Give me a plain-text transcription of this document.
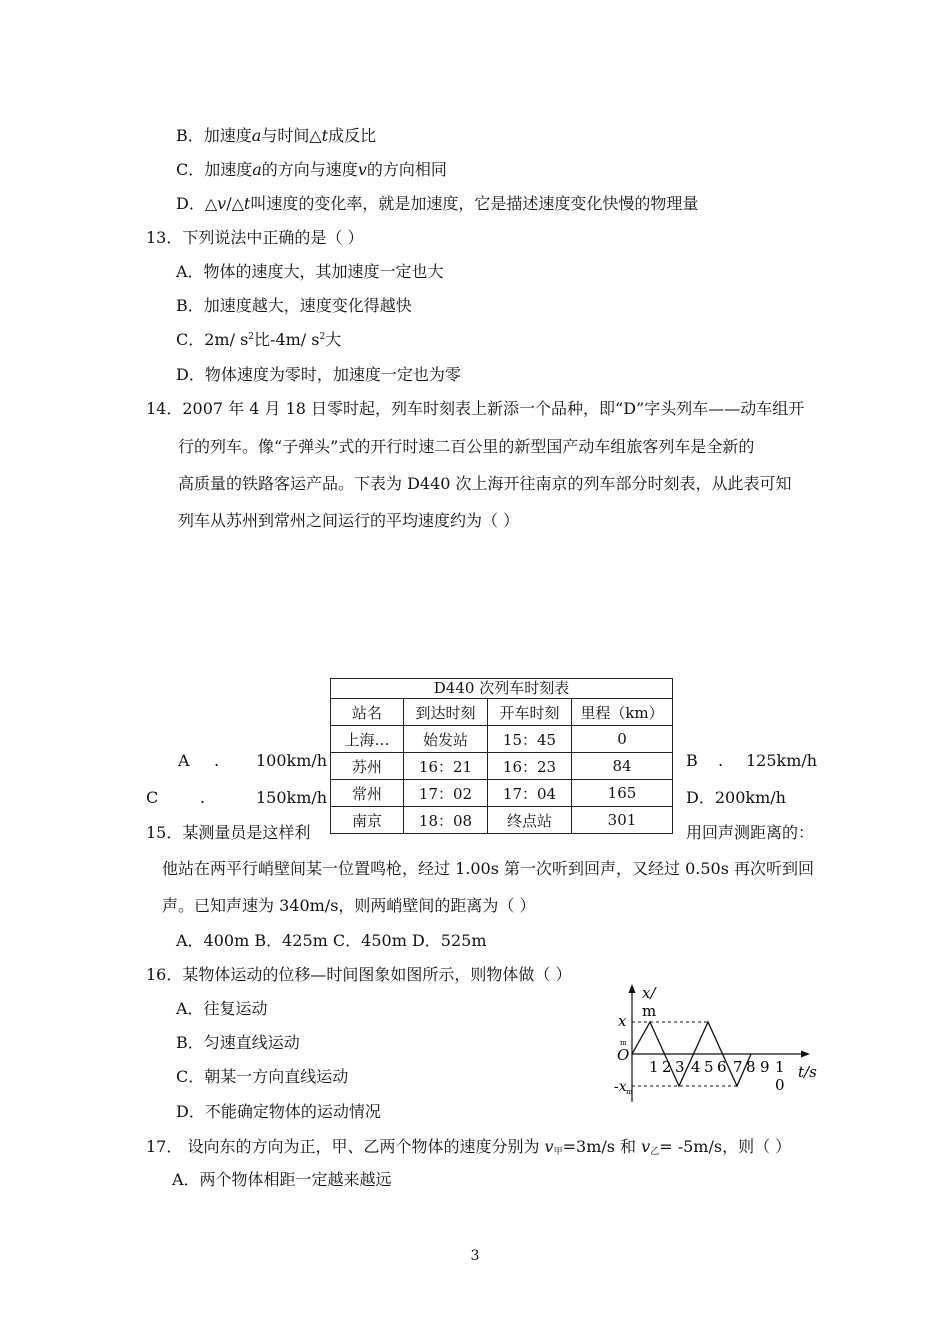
B．加速度a与时间△t成反比
C．加速度a的方向与速度v的方向相同
D．△v/△t叫速度的变化率，就是加速度，它是描述速度变化快慢的物理量
13．下列说法中正确的是（ ）
A．物体的速度大，其加速度一定也大
B．加速度越大，速度变化得越快
C．2m/ $s^2$比-4m/ $s^2$大
D．物体速度为零时，加速度一定也为零
14．2007 年 4 月 18 日零时起，列车时刻表上新添一个品种，即“D”字头列车——动车组开
行的列车。像“子弹头”式的开行时速二百公里的新型国产动车组旅客列车是全新的
高质量的铁路客运产品。下表为 D440 次上海开往南京的列车部分时刻表，从此表可知
列车从苏州到常州之间运行的平均速度约为（ ）
A . 100km/h	B . 125km/h
C	.	150km/h	D．200km/h
D440 次列车时刻表
站名	到达时刻	开车时刻	里程（km）
上海…	始发站	15：45	0
苏州	16：21	16：23	84
常州	17：02	17：04	165
南京	18：08	终点站	301
15．某测量员是这样利	用回声测距离的：
他站在两平行峭壁间某一位置鸣枪，经过 1.00s 第一次听到回声，又经过 0.50s 再次听到回
声。已知声速为 340m/s，则两峭壁间的距离为（ ）
A．400m B．425m C．450m D．525m
16．某物体运动的位移—时间图象如图所示，则物体做（ ）
A．往复运动
B．匀速直线运动
C．朝某一方向直线运动
D．不能确定物体的运动情况
x/
m
x
m
O
-x m
t/s
1 2 3 4 5 6 7 8 9 1
0
17． 设向东的方向为正，甲、乙两个物体的速度分别为 $v_甲=3m/s$ 和 $v_乙= -5m/s$，则（ ）
A．两个物体相距一定越来越远
3
